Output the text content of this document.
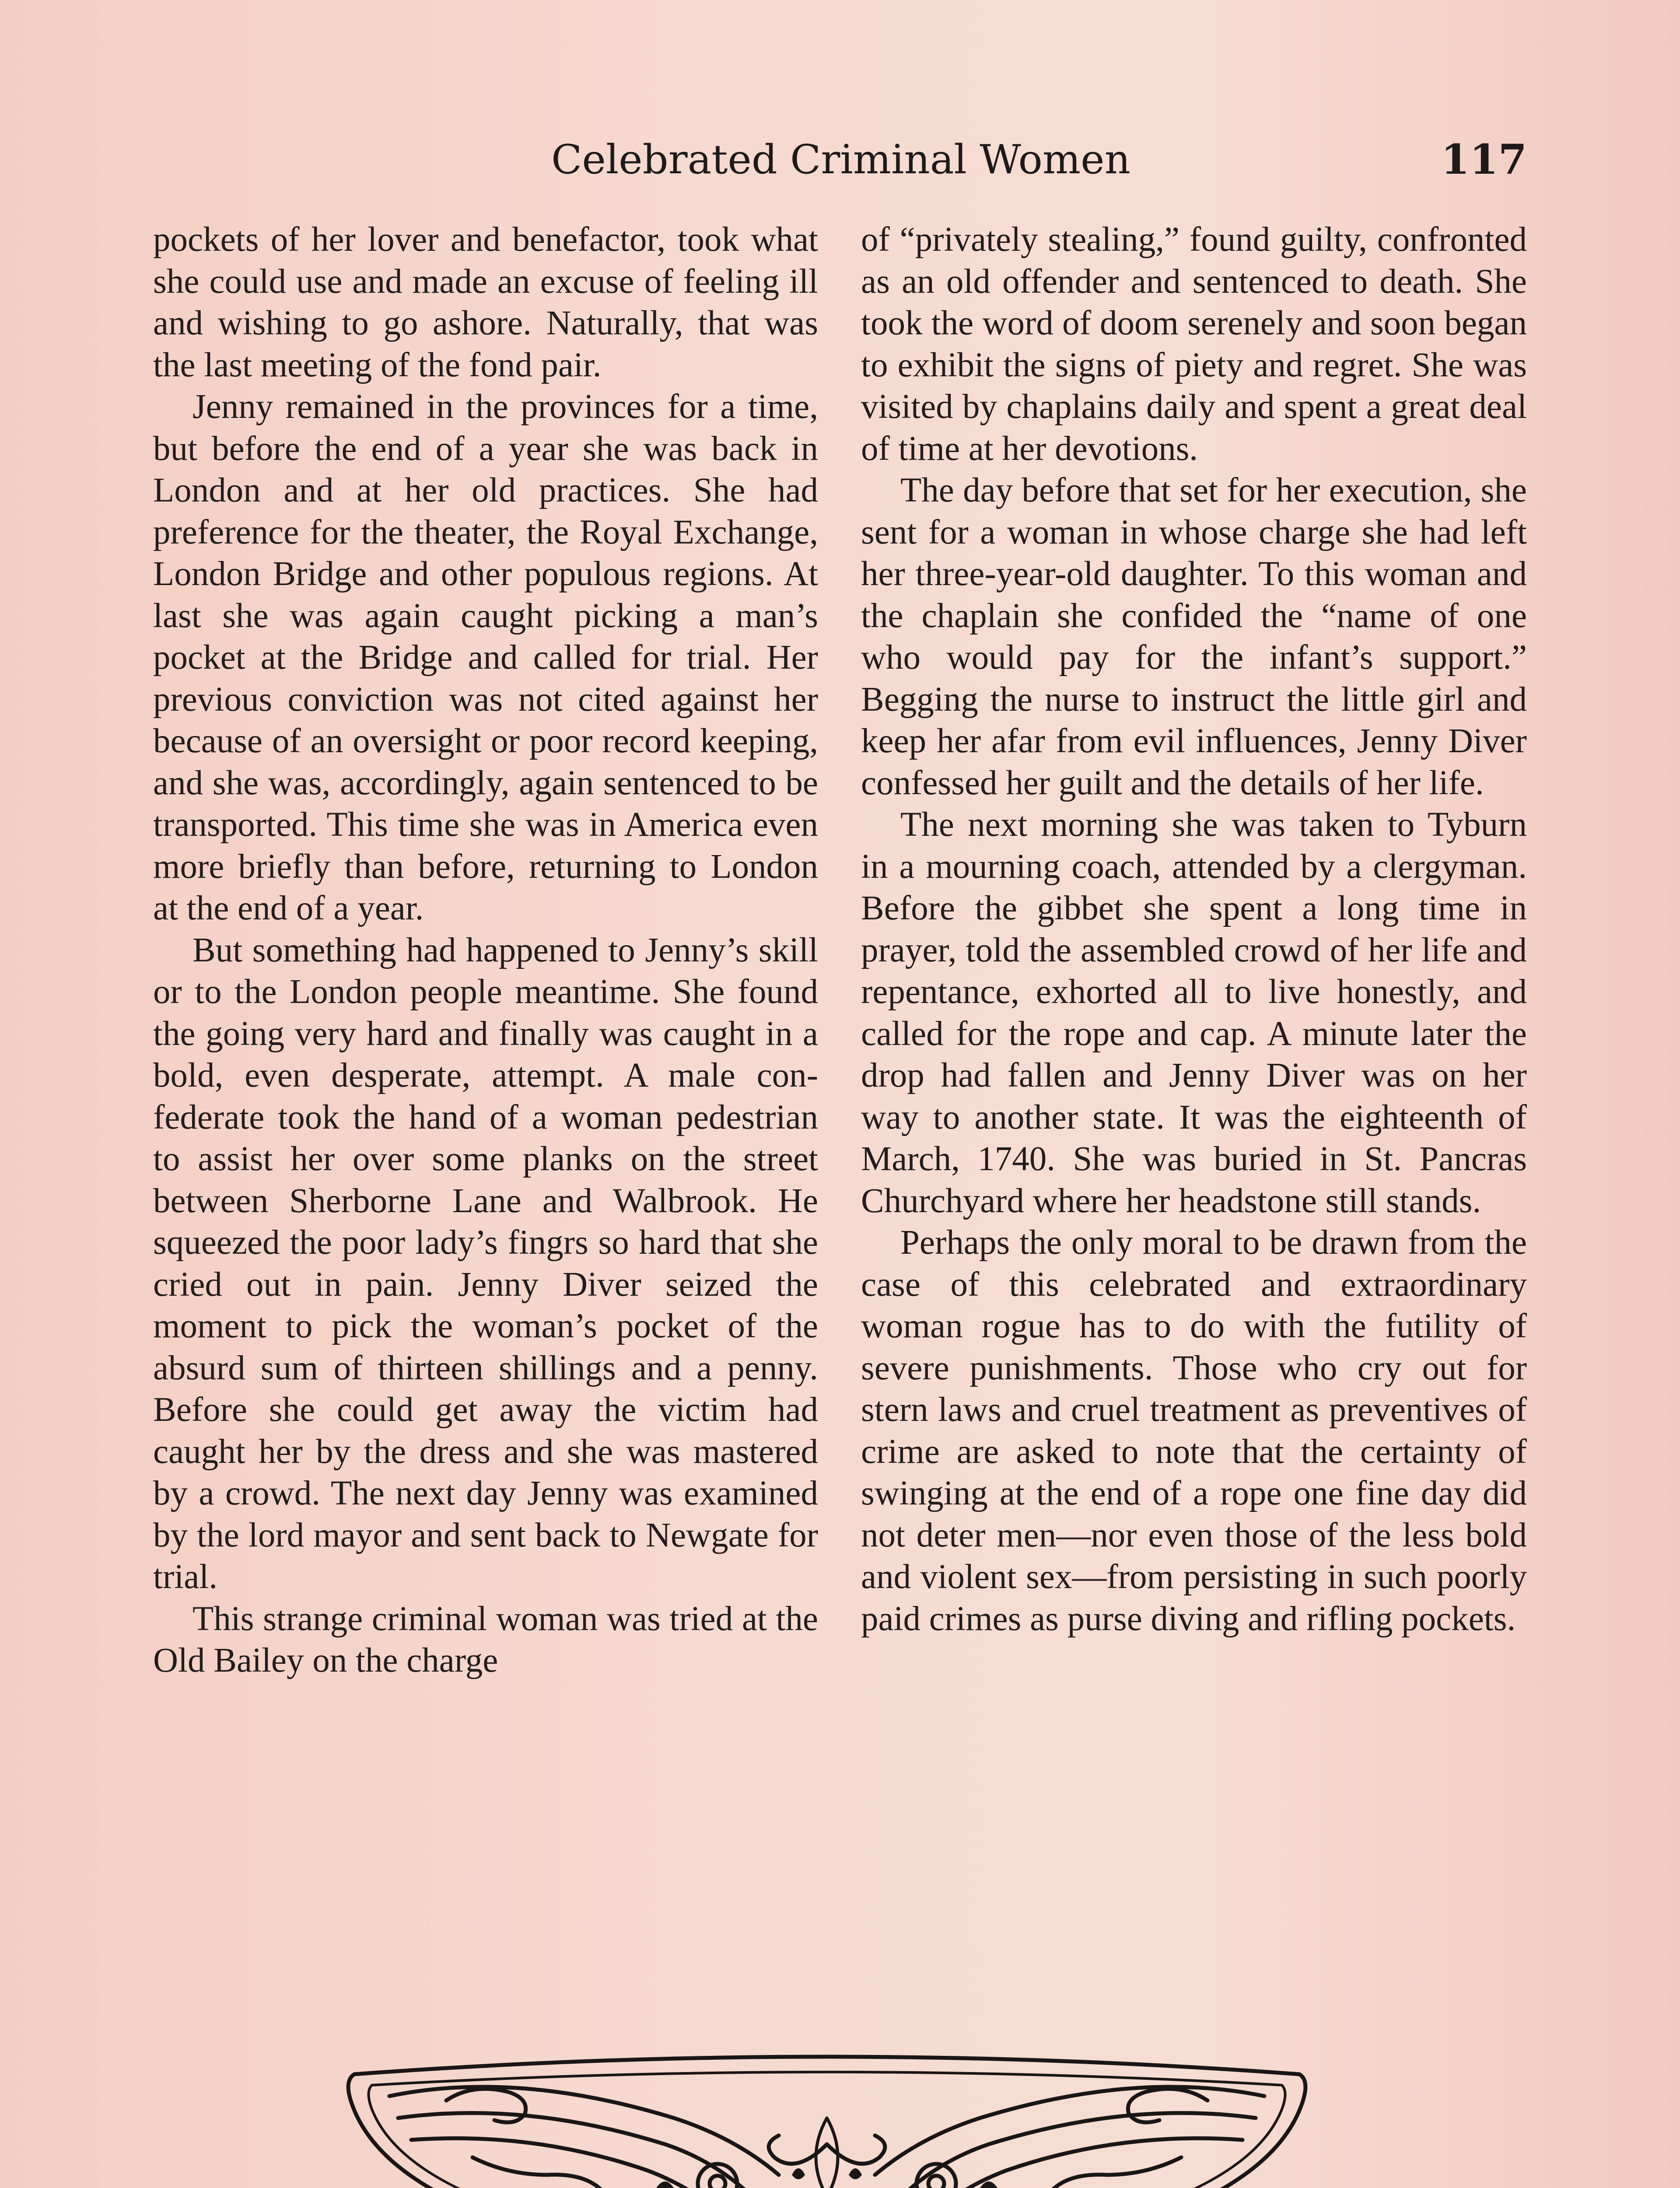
Celebrated Criminal Women	117

pockets of her lover and benefactor, took what she could use and made an excuse of feeling ill and wishing to go ashore. Naturally, that was the last meeting of the fond pair.

Jenny remained in the provinces for a time, but before the end of a year she was back in London and at her old practices. She had preference for the theater, the Royal Exchange, London Bridge and other populous regions. At last she was again caught picking a man’s pocket at the Bridge and called for trial. Her previous conviction was not cited against her because of an oversight or poor record keeping, and she was, accordingly, again sentenced to be transported. This time she was in America even more briefly than before, returning to London at the end of a year.

But something had happened to Jenny’s skill or to the London people meantime. She found the going very hard and finally was caught in a bold, even desperate, attempt. A male confederate took the hand of a woman pedestrian to assist her over some planks on the street between Sherborne Lane and Walbrook. He squeezed the poor lady’s fingrs so hard that she cried out in pain. Jenny Diver seized the moment to pick the woman’s pocket of the absurd sum of thirteen shillings and a penny. Before she could get away the victim had caught her by the dress and she was mastered by a crowd. The next day Jenny was examined by the lord mayor and sent back to Newgate for trial.

This strange criminal woman was tried at the Old Bailey on the charge

of “privately stealing,” found guilty, confronted as an old offender and sentenced to death. She took the word of doom serenely and soon began to exhibit the signs of piety and regret. She was visited by chaplains daily and spent a great deal of time at her devotions.

The day before that set for her execution, she sent for a woman in whose charge she had left her three-year-old daughter. To this woman and the chaplain she confided the “name of one who would pay for the infant’s support.” Begging the nurse to instruct the little girl and keep her afar from evil influences, Jenny Diver confessed her guilt and the details of her life.

The next morning she was taken to Tyburn in a mourning coach, attended by a clergyman. Before the gibbet she spent a long time in prayer, told the assembled crowd of her life and repentance, exhorted all to live honestly, and called for the rope and cap. A minute later the drop had fallen and Jenny Diver was on her way to another state. It was the eighteenth of March, 1740. She was buried in St. Pancras Churchyard where her headstone still stands.

Perhaps the only moral to be drawn from the case of this celebrated and extraordinary woman rogue has to do with the futility of severe punishments. Those who cry out for stern laws and cruel treatment as preventives of crime are asked to note that the certainty of swinging at the end of a rope one fine day did not deter men—nor even those of the less bold and violent sex—from persisting in such poorly paid crimes as purse diving and rifling pockets.
